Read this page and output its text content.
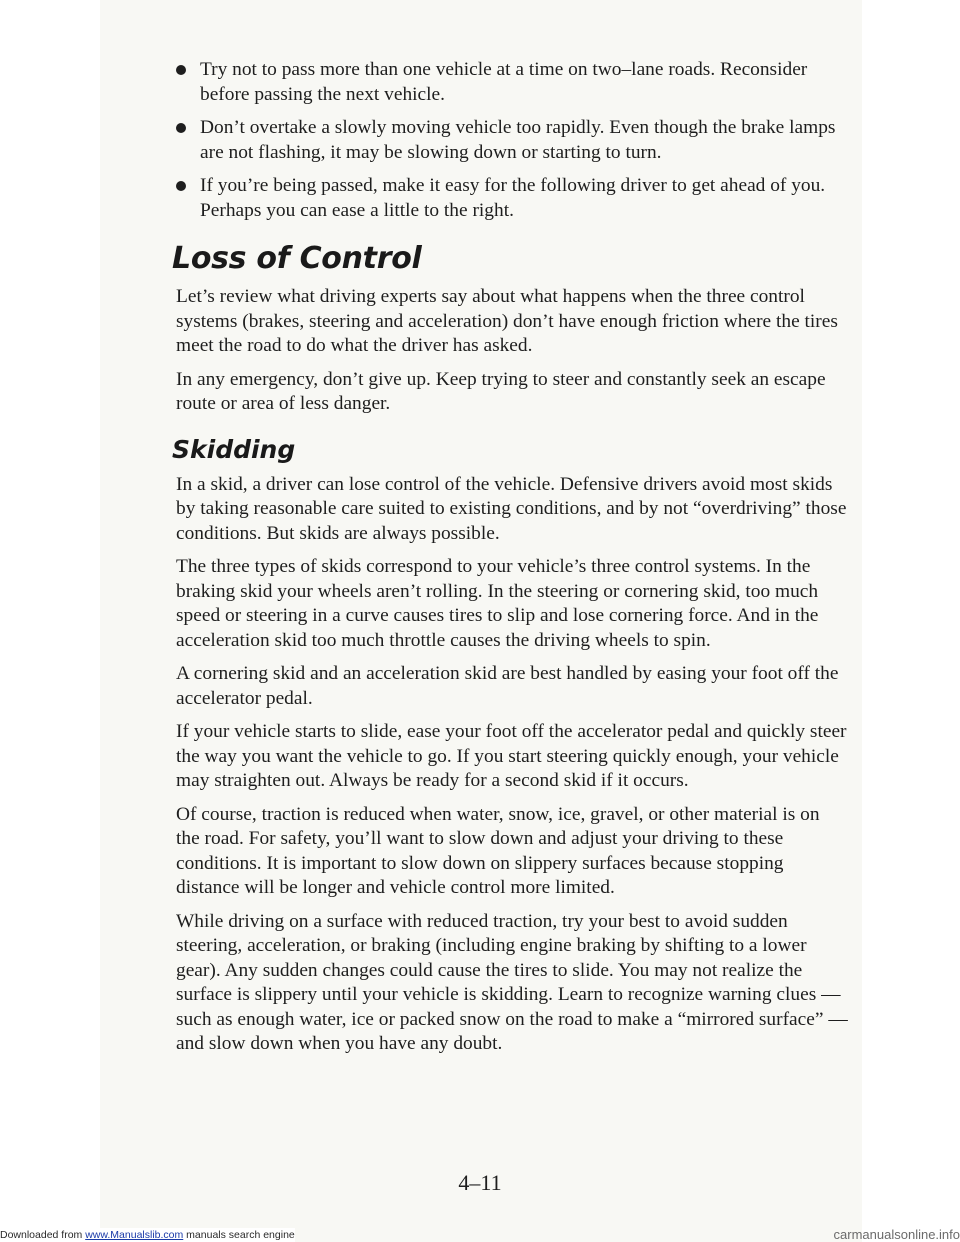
Try not to pass more than one vehicle at a time on two–lane roads. Reconsider before passing the next vehicle.
Don’t overtake a slowly moving vehicle too rapidly. Even though the brake lamps are not flashing, it may be slowing down or starting to turn.
If you’re being passed, make it easy for the following driver to get ahead of you. Perhaps you can ease a little to the right.
Loss of Control

Let’s review what driving experts say about what happens when the three control systems (brakes, steering and acceleration) don’t have enough friction where the tires meet the road to do what the driver has asked.

In any emergency, don’t give up. Keep trying to steer and constantly seek an escape route or area of less danger.

Skidding

In a skid, a driver can lose control of the vehicle. Defensive drivers avoid most skids by taking reasonable care suited to existing conditions, and by not “overdriving” those conditions. But skids are always possible.

The three types of skids correspond to your vehicle’s three control systems. In the braking skid your wheels aren’t rolling. In the steering or cornering skid, too much speed or steering in a curve causes tires to slip and lose cornering force. And in the acceleration skid too much throttle causes the driving wheels to spin.

A cornering skid and an acceleration skid are best handled by easing your foot off the accelerator pedal.

If your vehicle starts to slide, ease your foot off the accelerator pedal and quickly steer the way you want the vehicle to go. If you start steering quickly enough, your vehicle may straighten out. Always be ready for a second skid if it occurs.

Of course, traction is reduced when water, snow, ice, gravel, or other material is on the road. For safety, you’ll want to slow down and adjust your driving to these conditions. It is important to slow down on slippery surfaces because stopping distance will be longer and vehicle control more limited.

While driving on a surface with reduced traction, try your best to avoid sudden steering, acceleration, or braking (including engine braking by shifting to a lower gear). Any sudden changes could cause the tires to slide. You may not realize the surface is slippery until your vehicle is skidding. Learn to recognize warning clues — such as enough water, ice or packed snow on the road to make a “mirrored surface” — and slow down when you have any doubt.

4–11
Downloaded from www.Manualslib.com manuals search engine	carmanualsonline.info
